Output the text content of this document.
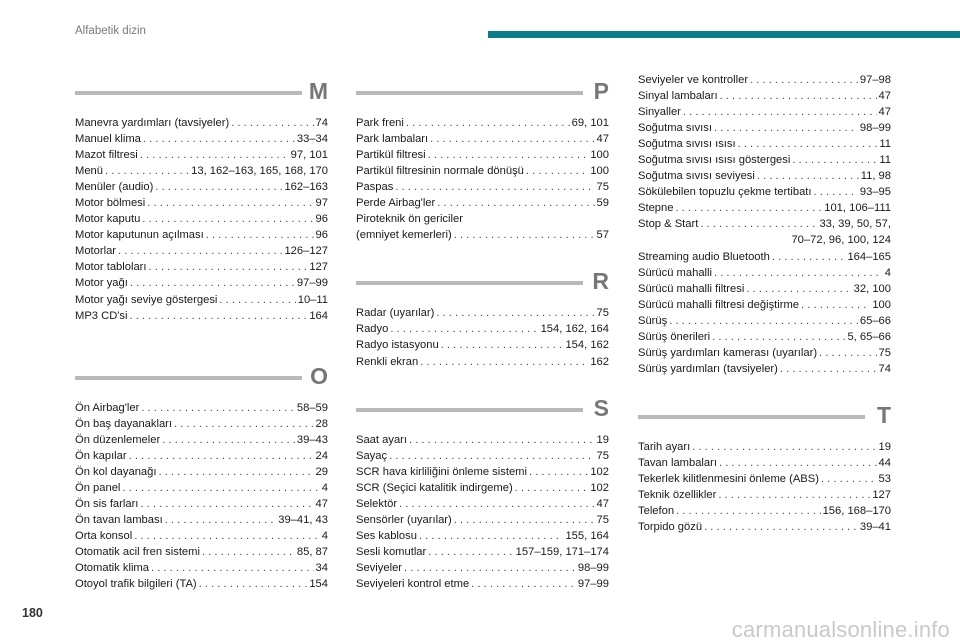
Alfabetik dizin
M
Manevra yardımları (tavsiyeler) . . .	74
Manuel klima . . .	33–34
Mazot filtresi . . .	97, 101
Menü . . .	13, 162–163, 165, 168, 170
Menüler (audio) . . .	162–163
Motor bölmesi . . .	97
Motor kaputu . . .	96
Motor kaputunun açılması . . .	96
Motorlar . . .	126–127
Motor tabloları . . .	127
Motor yağı . . .	97–99
Motor yağı seviye göstergesi . . .	10–11
MP3 CD'si . . .	164
O
Ön Airbag'ler . . .	58–59
Ön baş dayanakları . . .	28
Ön düzenlemeler . . .	39–43
Ön kapılar . . .	24
Ön kol dayanağı . . .	29
Ön panel . . .	4
Ön sis farları . . .	47
Ön tavan lambası . . .	39–41, 43
Orta konsol . . .	4
Otomatik acil fren sistemi . . .	85, 87
Otomatik klima . . .	34
Otoyol trafik bilgileri (TA) . . .	154
P
Park freni . . .	69, 101
Park lambaları . . .	47
Partikül filtresi . . .	100
Partikül filtresinin normale dönüşü . . .	100
Paspas . . .	75
Perde Airbag'ler . . .	59
Piroteknik ön gericiler
(emniyet kemerleri) . . .	57
R
Radar (uyarılar) . . .	75
Radyo . . .	154, 162, 164
Radyo istasyonu . . .	154, 162
Renkli ekran . . .	162
S
Saat ayarı . . .	19
Sayaç . . .	75
SCR hava kirliliğini önleme sistemi . . .	102
SCR (Seçici katalitik indirgeme) . . .	102
Selektör . . .	47
Sensörler (uyarılar) . . .	75
Ses kablosu . . .	155, 164
Sesli komutlar . . .	157–159, 171–174
Seviyeler . . .	98–99
Seviyeleri kontrol etme . . .	97–99
Seviyeler ve kontroller . . .	97–98
Sinyal lambaları . . .	47
Sinyaller . . .	47
Soğutma sıvısı . . .	98–99
Soğutma sıvısı ısısı . . .	11
Soğutma sıvısı ısısı göstergesi . . .	11
Soğutma sıvısı seviyesi . . .	11, 98
Sökülebilen topuzlu çekme tertibatı . . .	93–95
Stepne . . .	101, 106–111
Stop & Start . . .	33, 39, 50, 57,
70–72, 96, 100, 124
Streaming audio Bluetooth . . .	164–165
Sürücü mahalli . . .	4
Sürücü mahalli filtresi . . .	32, 100
Sürücü mahalli filtresi değiştirme . . .	100
Sürüş . . .	65–66
Sürüş önerileri . . .	5, 65–66
Sürüş yardımları kamerası (uyarılar) . . .	75
Sürüş yardımları (tavsiyeler) . . .	74
T
Tarih ayarı . . .	19
Tavan lambaları . . .	44
Tekerlek kilitlenmesini önleme (ABS) . . .	53
Teknik özellikler . . .	127
Telefon . . .	156, 168–170
Torpido gözü . . .	39–41
180
carmanualsonline.info
